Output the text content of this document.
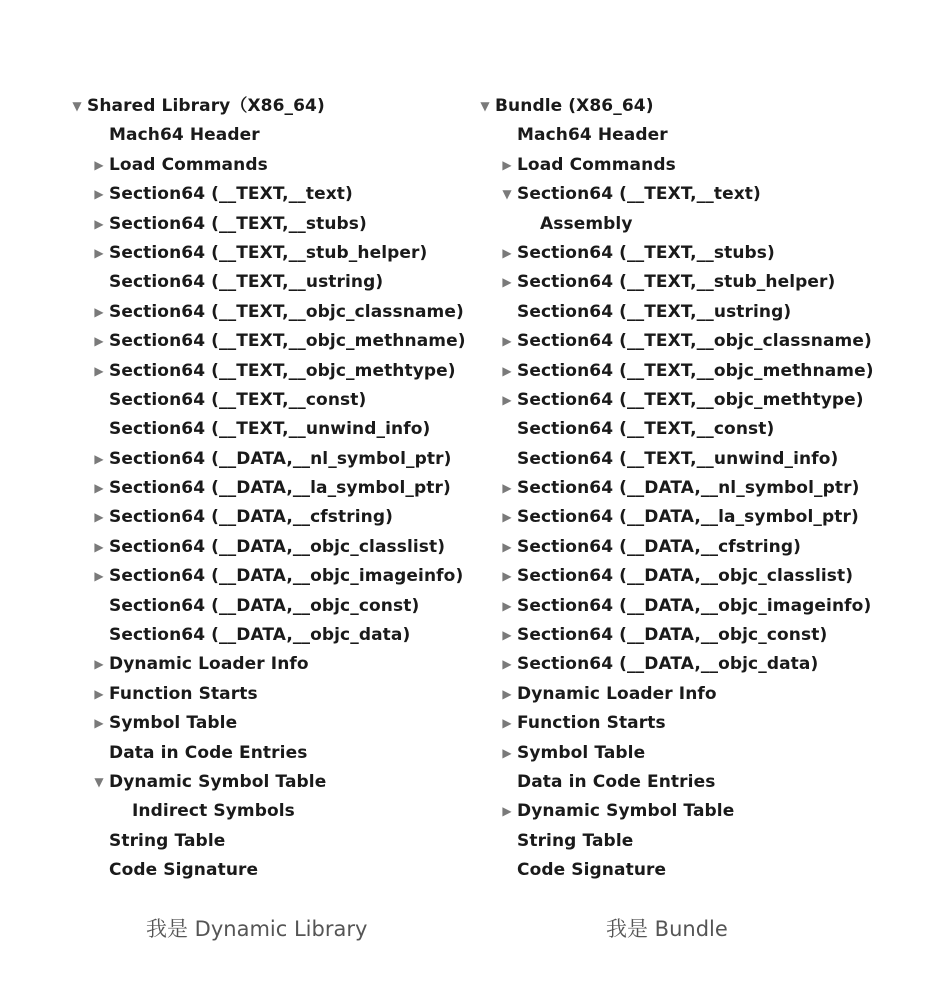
▼ Shared Library（X86_64)
Mach64 Header
▶ Load Commands
▶ Section64 (__TEXT,__text)
▶ Section64 (__TEXT,__stubs)
▶ Section64 (__TEXT,__stub_helper)
Section64 (__TEXT,__ustring)
▶ Section64 (__TEXT,__objc_classname)
▶ Section64 (__TEXT,__objc_methname)
▶ Section64 (__TEXT,__objc_methtype)
Section64 (__TEXT,__const)
Section64 (__TEXT,__unwind_info)
▶ Section64 (__DATA,__nl_symbol_ptr)
▶ Section64 (__DATA,__la_symbol_ptr)
▶ Section64 (__DATA,__cfstring)
▶ Section64 (__DATA,__objc_classlist)
▶ Section64 (__DATA,__objc_imageinfo)
Section64 (__DATA,__objc_const)
Section64 (__DATA,__objc_data)
▶ Dynamic Loader Info
▶ Function Starts
▶ Symbol Table
Data in Code Entries
▼ Dynamic Symbol Table
Indirect Symbols
String Table
Code Signature
▼ Bundle (X86_64)
Mach64 Header
▶ Load Commands
▼ Section64 (__TEXT,__text)
Assembly
▶ Section64 (__TEXT,__stubs)
▶ Section64 (__TEXT,__stub_helper)
Section64 (__TEXT,__ustring)
▶ Section64 (__TEXT,__objc_classname)
▶ Section64 (__TEXT,__objc_methname)
▶ Section64 (__TEXT,__objc_methtype)
Section64 (__TEXT,__const)
Section64 (__TEXT,__unwind_info)
▶ Section64 (__DATA,__nl_symbol_ptr)
▶ Section64 (__DATA,__la_symbol_ptr)
▶ Section64 (__DATA,__cfstring)
▶ Section64 (__DATA,__objc_classlist)
▶ Section64 (__DATA,__objc_imageinfo)
▶ Section64 (__DATA,__objc_const)
▶ Section64 (__DATA,__objc_data)
▶ Dynamic Loader Info
▶ Function Starts
▶ Symbol Table
Data in Code Entries
▶ Dynamic Symbol Table
String Table
Code Signature
我是 Dynamic Library	我是 Bundle
